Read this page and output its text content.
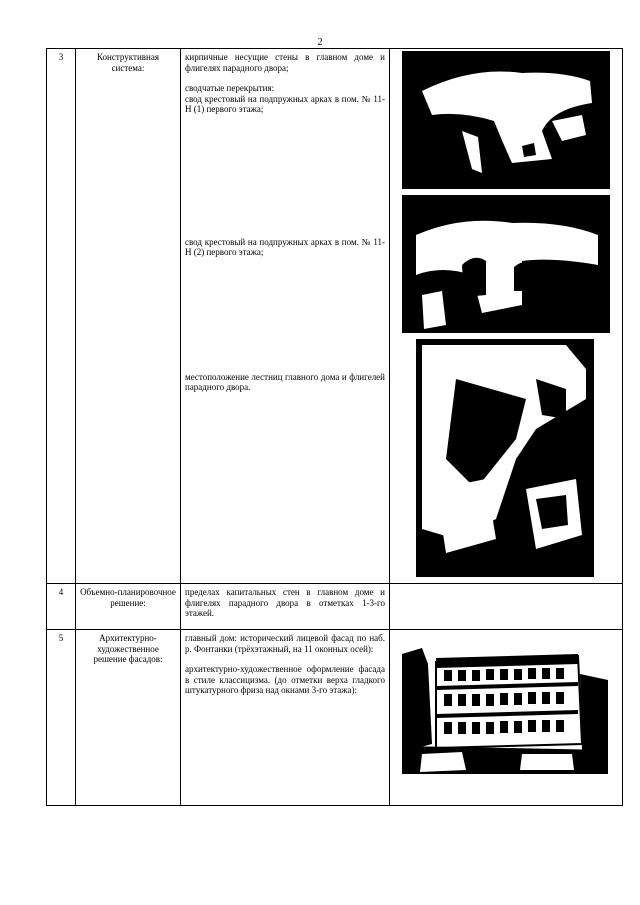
2
3	Конструктивная система:	кирпичные несущие стены в главном доме и флигелях парадного двора;

сводчатые перекрытия:

свод крестовый на подпружных арках в пом. № 11-Н (1) первого этажа;

свод крестовый на подпружных арках в пом. № 11-Н (2) первого этажа;

местоположение лестниц главного дома и флигелей парадного двора.

4	Объемно-планировочное решение:	пределах капитальных стен в главном доме и флигелях парадного двора в отметках 1-3-го этажей.	

5	Архитектурно-художественное решение фасадов:	главный дом: исторический лицевой фасад по наб. р. Фонтанки (трёхэтажный, на 11 оконных осей):

архитектурно-художественное оформление фасада в стиле классицизма. (до отметки верха гладкого штукатурного фриза над окнами 3-го этажа):
